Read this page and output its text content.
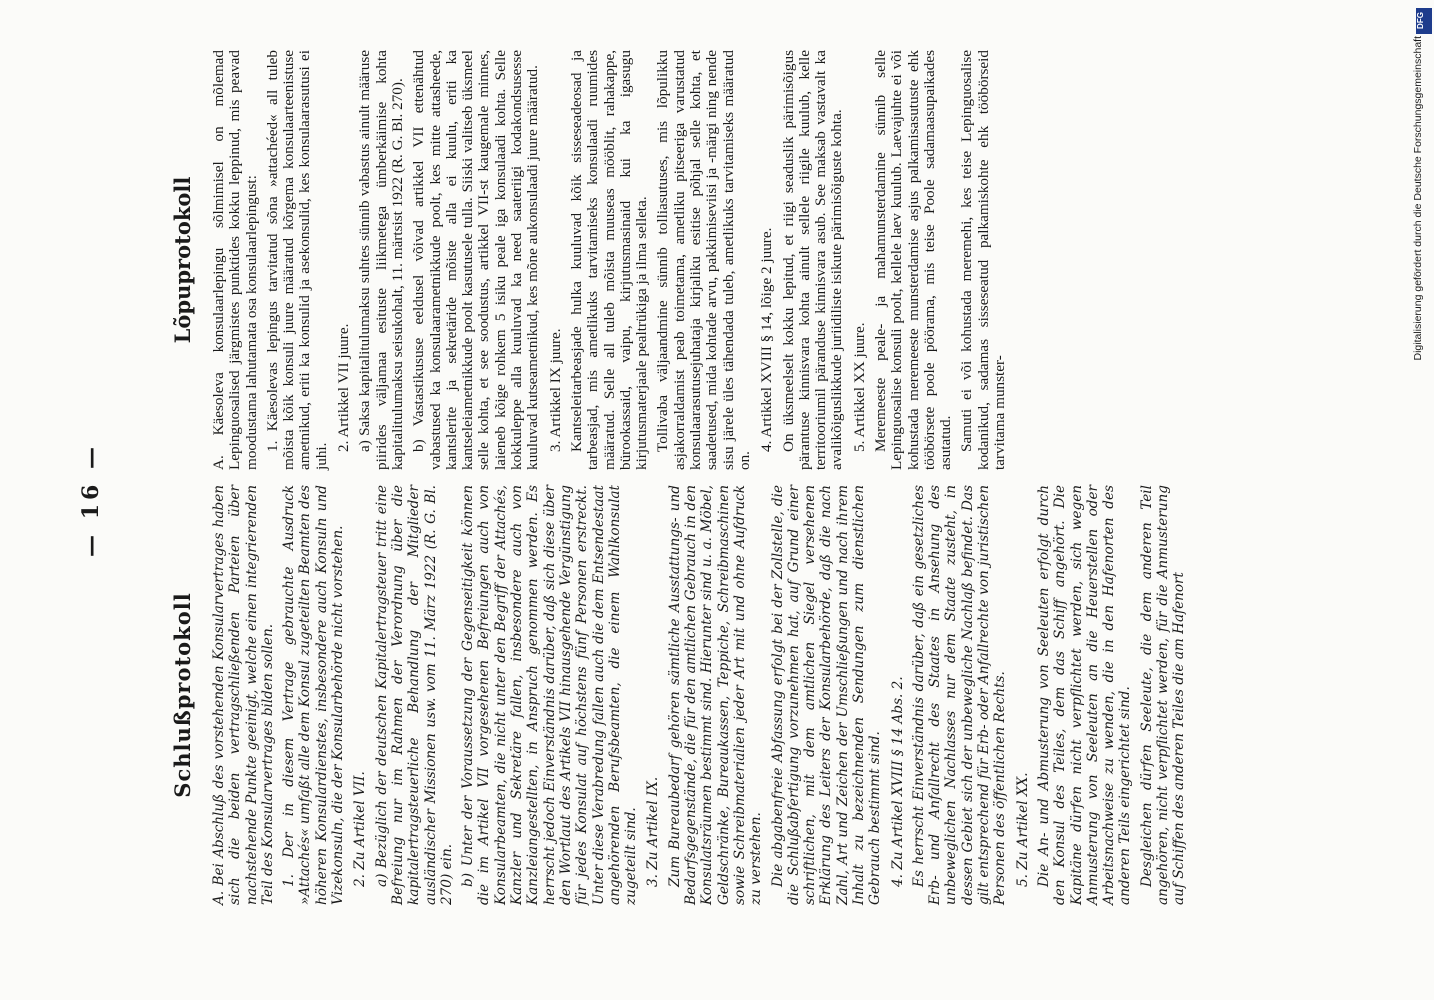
— 16 —
Schlußprotokoll A. Bei Abschluß des vorstehenden Konsularvertrages haben sich die beiden vertragschließenden Parteien über nachstehende Punkte geeinigt, welche einen integrierenden Teil des Konsularvertrages bilden sollen. 1. Der in diesem Vertrage gebrauchte Ausdruck »Attachés« umfaßt alle dem Konsul zugeteilten Beamten des höheren Konsulardienstes, insbesondere auch Konsuln und Vizekonsuln, die der Konsularbehörde nicht vorstehen. 2. Zu Artikel VII. a) Bezüglich der deutschen Kapitalertragsteuer tritt eine Befreiung nur im Rahmen der Verordnung über die kapitalertragsteuerliche Behandlung der Mitglieder ausländischer Missionen usw. vom 11. März 1922 (R. G. Bl. 270) ein. b) Unter der Voraussetzung der Gegenseitigkeit können die im Artikel VII vorgesehenen Befreiungen auch von Konsularbeamten, die nicht unter den Begriff der Attachés, Kanzler und Sekretäre fallen, insbesondere auch von Kanzleiangestellten, in Anspruch genommen werden. Es herrscht jedoch Einverständnis darüber, daß sich diese über den Wortlaut des Artikels VII hinausgehende Vergünstigung für jedes Konsulat auf höchstens fünf Personen erstreckt. Unter diese Verabredung fallen auch die dem Entsendestaat angehörenden Berufsbeamten, die einem Wahlkonsulat zugeteilt sind. 3. Zu Artikel IX. Zum Bureaubedarf gehören sämtliche Ausstattungs- und Bedarfsgegenstände, die für den amtlichen Gebrauch in den Konsulatsräumen bestimmt sind. Hierunter sind u. a. Möbel, Geldschränke, Bureaukassen, Teppiche, Schreibmaschinen sowie Schreibmaterialien jeder Art mit und ohne Aufdruck zu verstehen. Die abgabenfreie Abfassung erfolgt bei der Zollstelle, die die Schlußabfertigung vorzunehmen hat, auf Grund einer schriftlichen, mit dem amtlichen Siegel versehenen Erklärung des Leiters der Konsularbehörde, daß die nach Zahl, Art und Zeichen der Umschließungen und nach ihrem Inhalt zu bezeichnenden Sendungen zum dienstlichen Gebrauch bestimmt sind. 4. Zu Artikel XVIII § 14 Abs. 2. Es herrscht Einverständnis darüber, daß ein gesetzliches Erb- und Anfallrecht des Staates in Ansehung des unbeweglichen Nachlasses nur dem Staate zusteht, in dessen Gebiet sich der unbewegliche Nachlaß befindet. Das gilt entsprechend für Erb- oder Anfallrechte von juristischen Personen des öffentlichen Rechts. 5. Zu Artikel XX. Die An- und Abmusterung von Seeleuten erfolgt durch den Konsul des Teiles, dem das Schiff angehört. Die Kapitäne dürfen nicht verpflichtet werden, sich wegen Anmusterung von Seeleuten an die Heuerstellen oder Arbeitsnachweise zu wenden, die in den Hafenorten des anderen Teils eingerichtet sind. Desgleichen dürfen Seeleute, die dem anderen Teil angehören, nicht verpflichtet werden, für die Anmusterung auf Schiffen des anderen Teiles die am Hafenort

Lõpuprotokoll A. Käesoleva konsulaarlepingu sõlmimisel on mõlemad Lepinguosalised järgmistes punktides kokku leppinud, mis peavad moodustama lahutamata osa konsulaarlepingust: 1. Käesolevas lepingus tarvitatud sõna »attachéed« all tuleb mõista kõik konsuli juure määratud kõrgema konsulaarteenistuse ametnikud, eriti ka konsulid ja asekonsulid, kes konsulaarasutusi ei juhi.

2. Artikkel VII juure. a) Saksa kapitalitulumaksu suhtes sünnib vabastus ainult määruse piirides väljamaa esituste liikmetega ümberkäimise kohta kapitalitulumaksu seisukohalt, 11. märtsist 1922 (R. G. Bl. 270). b) Vastastikususe eeldusel võivad artikkel VII ettenähtud vabastused ka konsulaarametnikkude poolt, kes mitte attasheede, kantslerite ja sekretäride mõiste alla ei kuulu, eriti ka kantseleiametnikkude poolt kasutusele tulla. Siiski valitseb üksmeel selle kohta, et see soodustus, artikkel VII-st kaugemale minnes, laieneb kõige rohkem 5 isiku peale iga konsulaadi kohta. Selle kokkuleppe alla kuuluvad ka need saateriigi kodakondsusesse kuuluvad kutseametnikud, kes mõne aukonsulaadi juure määratud. 3. Artikkel IX juure. Kantseleitarbeasjade hulka kuuluvad kõik sisseseadeosad ja tarbeasjad, mis ametlikuks tarvitamiseks konsulaadi ruumides määratud. Selle all tuleb mõista muuseas mööblit, rahakappe, bürookassaid, vaipu, kirjutusmasinaid kui ka igasugu kirjutusmaterjaale pealtrükiga ja ilma selleta. Tollivaba väljaandmine sünnib tolliasutuses, mis lõpulikku asjakorraldamist peab toimetama, ametliku pitseeriga varustatud konsulaarasutusejuhataja kirjaliku esitise põhjal selle kohta, et saadetused, mida kohtade arvu, pakkimiseviisi ja -märgi ning nende sisu järele üles tähendada tuleb, ametlikuks tarvitamiseks määratud on.

4. Artikkel XVIII § 14, lõige 2 juure. On üksmeelselt kokku lepitud, et riigi seaduslik pärimisõigus pärantuse kinnisvara kohta ainult sellele riigile kuulub, kelle territooriumil päranduse kinnisvara asub. See maksab vastavalt ka avalikõiguslikkude juriidiliste isikute pärimisõiguste kohta. 5. Artikkel XX juure. Meremeeste peale- ja mahamunsterdamine sünnib selle Lepinguosalise konsuli poolt, kellele laev kuulub. Laevajuhte ei või kohustada meremeeste munsterdamise asjus palkamisasutuste ehk tööbörsete poole pöörama, mis teise Poole sadamaasupaikades asutatud. Samuti ei või kohustada meremehi, kes teise Lepinguosalise kodanikud, sadamas sisseseatud palkamiskohte ehk tööbörseid tarvitama munster-

Digitalisierung gefördert durch die Deutsche Forschungsgemeinschaft
DFG
